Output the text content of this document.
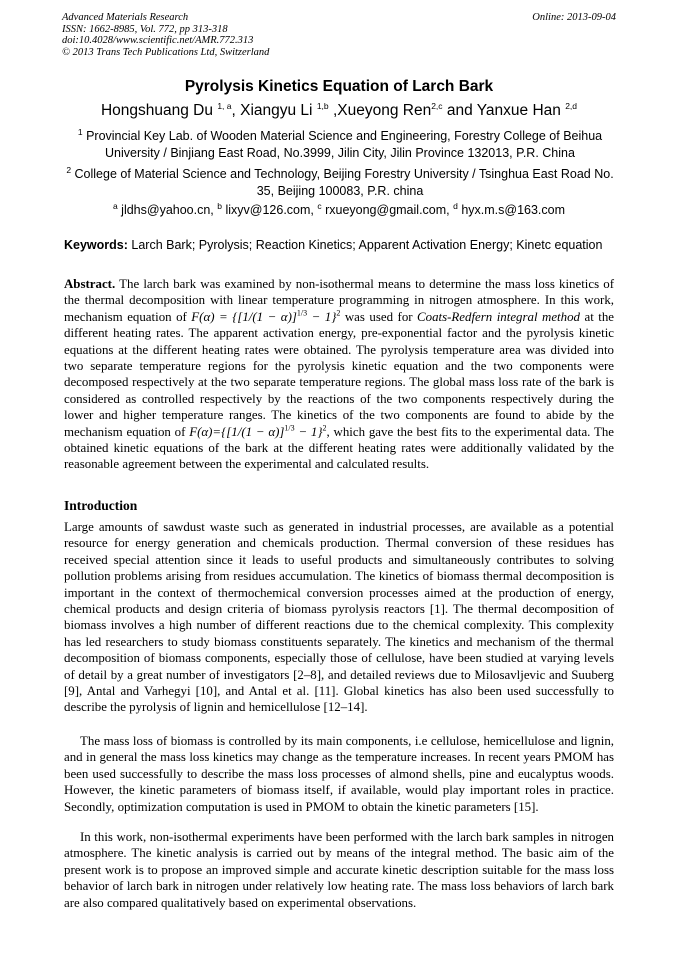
Advanced Materials Research
ISSN: 1662-8985, Vol. 772, pp 313-318
doi:10.4028/www.scientific.net/AMR.772.313
© 2013 Trans Tech Publications Ltd, Switzerland
Online: 2013-09-04
Pyrolysis Kinetics Equation of Larch Bark
Hongshuang Du $^{1, a}$, Xiangyu Li $^{1,b}$ ,Xueyong Ren$^{2,c}$ and Yanxue Han $^{2,d}$
$^1$ Provincial Key Lab. of Wooden Material Science and Engineering, Forestry College of Beihua University / Binjiang East Road, No.3999, Jilin City, Jilin Province 132013, P.R. China
$^2$ College of Material Science and Technology, Beijing Forestry University / Tsinghua East Road No. 35, Beijing 100083, P.R. china
$^a$ jldhs@yahoo.cn, $^b$ lixyv@126.com, $^c$ rxueyong@gmail.com, $^d$ hyx.m.s@163.com
Keywords: Larch Bark; Pyrolysis; Reaction Kinetics; Apparent Activation Energy; Kinetc equation
Abstract. The larch bark was examined by non-isothermal means to determine the mass loss kinetics of the thermal decomposition with linear temperature programming in nitrogen atmosphere. In this work, mechanism equation of $F(\alpha) = \{[1/(1 - \alpha)]^{1/3} - 1\}^2$ was used for Coats-Redfern integral method at the different heating rates. The apparent activation energy, pre-exponential factor and the pyrolysis kinetic equations at the different heating rates were obtained. The pyrolysis temperature area was divided into two separate temperature regions for the pyrolysis kinetic equation and the two components were decomposed respectively at the two separate temperature regions. The global mass loss rate of the bark is considered as controlled respectively by the reactions of the two components respectively during the lower and higher temperature ranges. The kinetics of the two components are found to abide by the mechanism equation of $F(\alpha)=\{[1/(1 - \alpha)]^{1/3} - 1\}^2$, which gave the best fits to the experimental data. The obtained kinetic equations of the bark at the different heating rates were additionally validated by the reasonable agreement between the experimental and calculated results.
Introduction
Large amounts of sawdust waste such as generated in industrial processes, are available as a potential resource for energy generation and chemicals production. Thermal conversion of these residues has received special attention since it leads to useful products and simultaneously contributes to solving pollution problems arising from residues accumulation. The kinetics of biomass thermal decomposition is important in the context of thermochemical conversion processes aimed at the production of energy, chemical products and design criteria of biomass pyrolysis reactors [1]. The thermal decomposition of biomass involves a high number of different reactions due to the chemical complexity. This complexity has led researchers to study biomass constituents separately. The kinetics and mechanism of the thermal decomposition of biomass components, especially those of cellulose, have been studied at varying levels of detail by a great number of investigators [2–8], and detailed reviews due to Milosavljevic and Suuberg [9], Antal and Varhegyi [10], and Antal et al. [11]. Global kinetics has also been used successfully to describe the pyrolysis of lignin and hemicellulose [12–14].
The mass loss of biomass is controlled by its main components, i.e cellulose, hemicellulose and lignin, and in general the mass loss kinetics may change as the temperature increases. In recent years PMOM has been used successfully to describe the mass loss processes of almond shells, pine and eucalyptus woods. However, the kinetic parameters of biomass itself, if available, would play important roles in practice. Secondly, optimization computation is used in PMOM to obtain the kinetic parameters [15].
In this work, non-isothermal experiments have been performed with the larch bark samples in nitrogen atmosphere. The kinetic analysis is carried out by means of the integral method. The basic aim of the present work is to propose an improved simple and accurate kinetic description suitable for the mass loss behavior of larch bark in nitrogen under relatively low heating rate. The mass loss behaviors of larch bark are also compared qualitatively based on experimental observations.
